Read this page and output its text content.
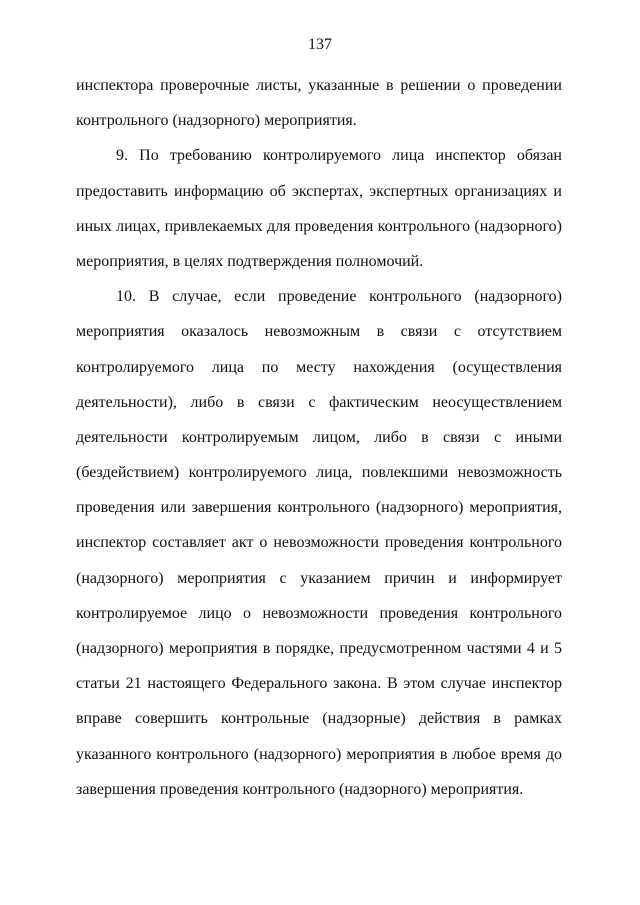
137
инспектора проверочные листы, указанные в решении о проведении
контрольного (надзорного) мероприятия.
9. По требованию контролируемого лица инспектор обязан
предоставить информацию об экспертах, экспертных организациях и
иных лицах, привлекаемых для проведения контрольного (надзорного)
мероприятия, в целях подтверждения полномочий.
10. В случае, если проведение контрольного (надзорного)
мероприятия оказалось невозможным в связи с отсутствием
контролируемого лица по месту нахождения (осуществления
деятельности), либо в связи с фактическим неосуществлением
деятельности контролируемым лицом, либо в связи с иными
(бездействием) контролируемого лица, повлекшими невозможность
проведения или завершения контрольного (надзорного) мероприятия,
инспектор составляет акт о невозможности проведения контрольного
(надзорного) мероприятия с указанием причин и информирует
контролируемое лицо о невозможности проведения контрольного
(надзорного) мероприятия в порядке, предусмотренном частями 4 и 5
статьи 21 настоящего Федерального закона. В этом случае инспектор
вправе совершить контрольные (надзорные) действия в рамках
указанного контрольного (надзорного) мероприятия в любое время до
завершения проведения контрольного (надзорного) мероприятия.
